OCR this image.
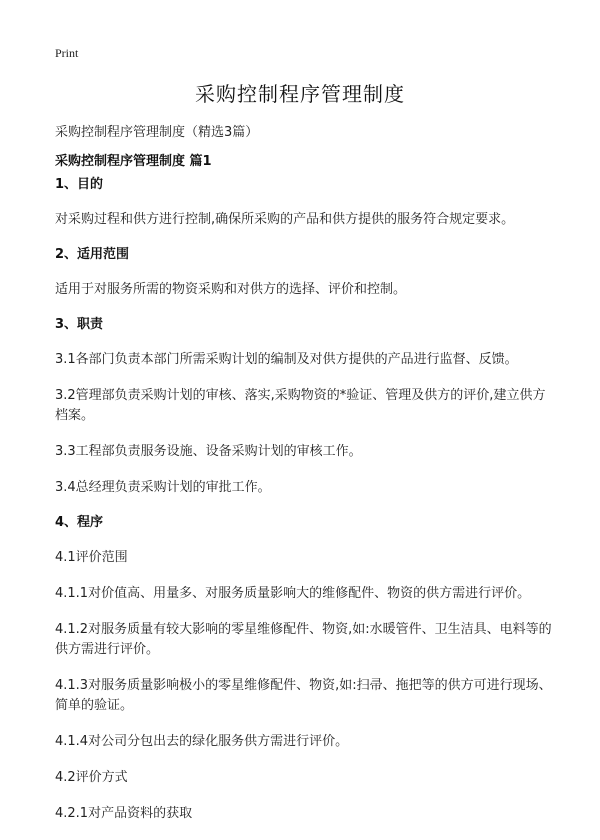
Print
采购控制程序管理制度
采购控制程序管理制度（精选3篇）
采购控制程序管理制度 篇1
1、目的
对采购过程和供方进行控制,确保所采购的产品和供方提供的服务符合规定要求。
2、适用范围
适用于对服务所需的物资采购和对供方的选择、评价和控制。
3、职责
3.1各部门负责本部门所需采购计划的编制及对供方提供的产品进行监督、反馈。
3.2管理部负责采购计划的审核、落实,采购物资的*验证、管理及供方的评价,建立供方档案。
3.3工程部负责服务设施、设备采购计划的审核工作。
3.4总经理负责采购计划的审批工作。
4、程序
4.1评价范围
4.1.1对价值高、用量多、对服务质量影响大的维修配件、物资的供方需进行评价。
4.1.2对服务质量有较大影响的零星维修配件、物资,如:水暖管件、卫生洁具、电料等的供方需进行评价。
4.1.3对服务质量影响极小的零星维修配件、物资,如:扫帚、拖把等的供方可进行现场、简单的验证。
4.1.4对公司分包出去的绿化服务供方需进行评价。
4.2评价方式
4.2.1对产品资料的获取
